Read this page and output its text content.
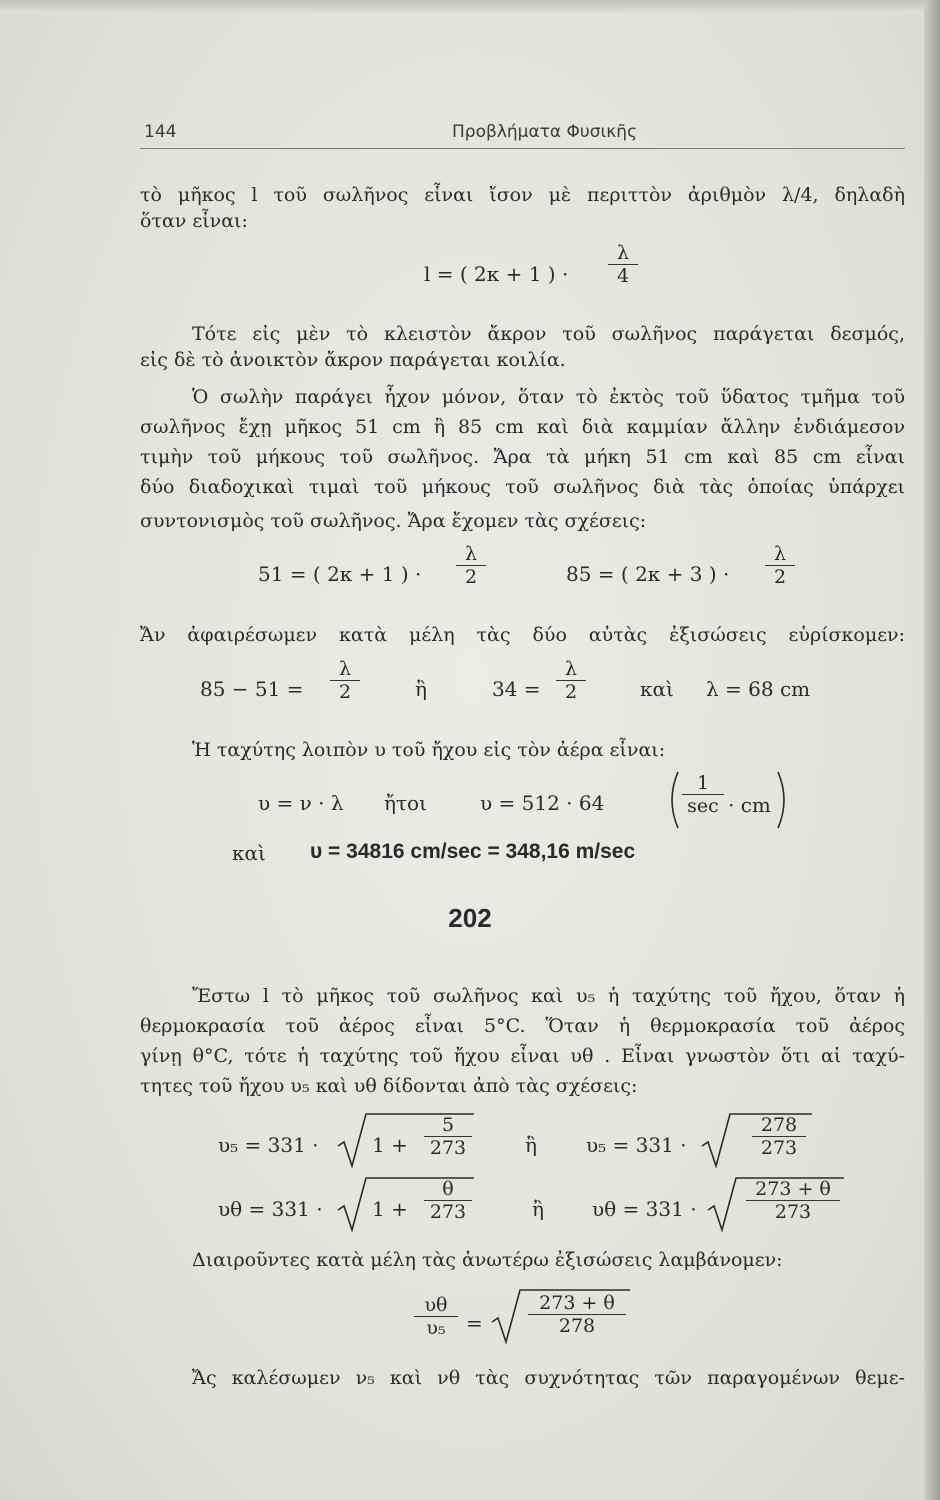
144	Προβλήματα Φυσικῆς
τὸ μῆκος l τοῦ σωλῆνος εἶναι ἴσον μὲ περιττὸν ἀριθμὸν λ/4, δηλαδὴ
ὅταν εἶναι:
l = ( 2κ + 1 ) ·
λ
4
Τότε εἰς μὲν τὸ κλειστὸν ἄκρον τοῦ σωλῆνος παράγεται δεσμός,
εἰς δὲ τὸ ἀνοικτὸν ἄκρον παράγεται κοιλία.
Ὁ σωλὴν παράγει ἦχον μόνον, ὅταν τὸ ἐκτὸς τοῦ ὕδατος τμῆμα τοῦ
σωλῆνος ἔχῃ μῆκος 51 cm ἢ 85 cm καὶ διὰ καμμίαν ἄλλην ἐνδιάμεσον
τιμὴν τοῦ μήκους τοῦ σωλῆνος. Ἄρα τὰ μήκη 51 cm καὶ 85 cm εἶναι
δύο διαδοχικαὶ τιμαὶ τοῦ μήκους τοῦ σωλῆνος διὰ τὰς ὁποίας ὑπάρχει
συντονισμὸς τοῦ σωλῆνος. Ἄρα ἔχομεν τὰς σχέσεις:
51 = ( 2κ + 1 ) ·
λ
2	85 = ( 2κ + 3 ) ·
λ
2
Ἄν ἀφαιρέσωμεν κατὰ μέλη τὰς δύο αὐτὰς ἐξισώσεις εὑρίσκομεν:
85 − 51 =
λ
2	ἢ	34 =
λ
2	καὶ λ = 68 cm
Ἡ ταχύτης λοιπὸν υ τοῦ ἤχου εἰς τὸν ἀέρα εἶναι:
υ = ν · λ ἤτοι	υ = 512 · 64
1
sec · cm
καὶ υ = 34816 cm/sec = 348,16 m/sec
202
Ἔστω l τὸ μῆκος τοῦ σωλῆνος καὶ υ₅ ἡ ταχύτης τοῦ ἤχου, ὅταν ἡ
θερμοκρασία τοῦ ἀέρος εἶναι 5°C. Ὅταν ἡ θερμοκρασία τοῦ ἀέρος
γίνῃ θ°C, τότε ἡ ταχύτης τοῦ ἤχου εἶναι υθ . Εἶναι γνωστὸν ὅτι αἱ ταχύ-
τητες τοῦ ἤχου υ₅ καὶ υθ δίδονται ἀπὸ τὰς σχέσεις:
υ₅ = 331 ·	1 +
5
273	ἢ υ₅ = 331 ·
278
273
υθ = 331 · 1 +
θ
273	ἢ υθ = 331 ·
273 + θ
273
Διαιροῦντες κατὰ μέλη τὰς ἀνωτέρω ἐξισώσεις λαμβάνομεν:
υθ
υ₅	=
273 + θ
278
Ἄς καλέσωμεν ν₅ καὶ νθ τὰς συχνότητας τῶν παραγομένων θεμε-
